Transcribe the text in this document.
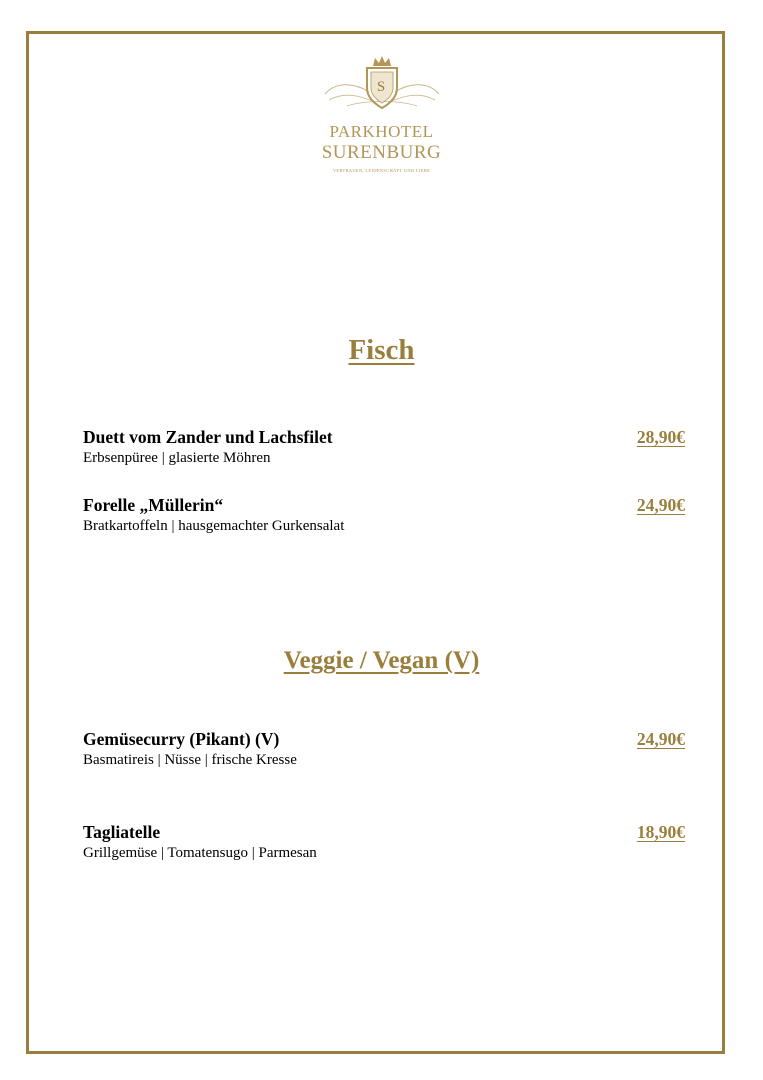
S
PARKHOTEL
SURENBURG
VERTRAUEN, LEIDENSCHAFT UND LIEBE
Fisch
Duett vom Zander und Lachsfilet
Erbsenpüree | glasierte Möhren
28,90€
Forelle „Müllerin“
Bratkartoffeln | hausgemachter Gurkensalat
24,90€
Veggie / Vegan (V)
Gemüsecurry (Pikant) (V)
Basmatireis | Nüsse | frische Kresse
24,90€
Tagliatelle
Grillgemüse | Tomatensugo | Parmesan
18,90€
